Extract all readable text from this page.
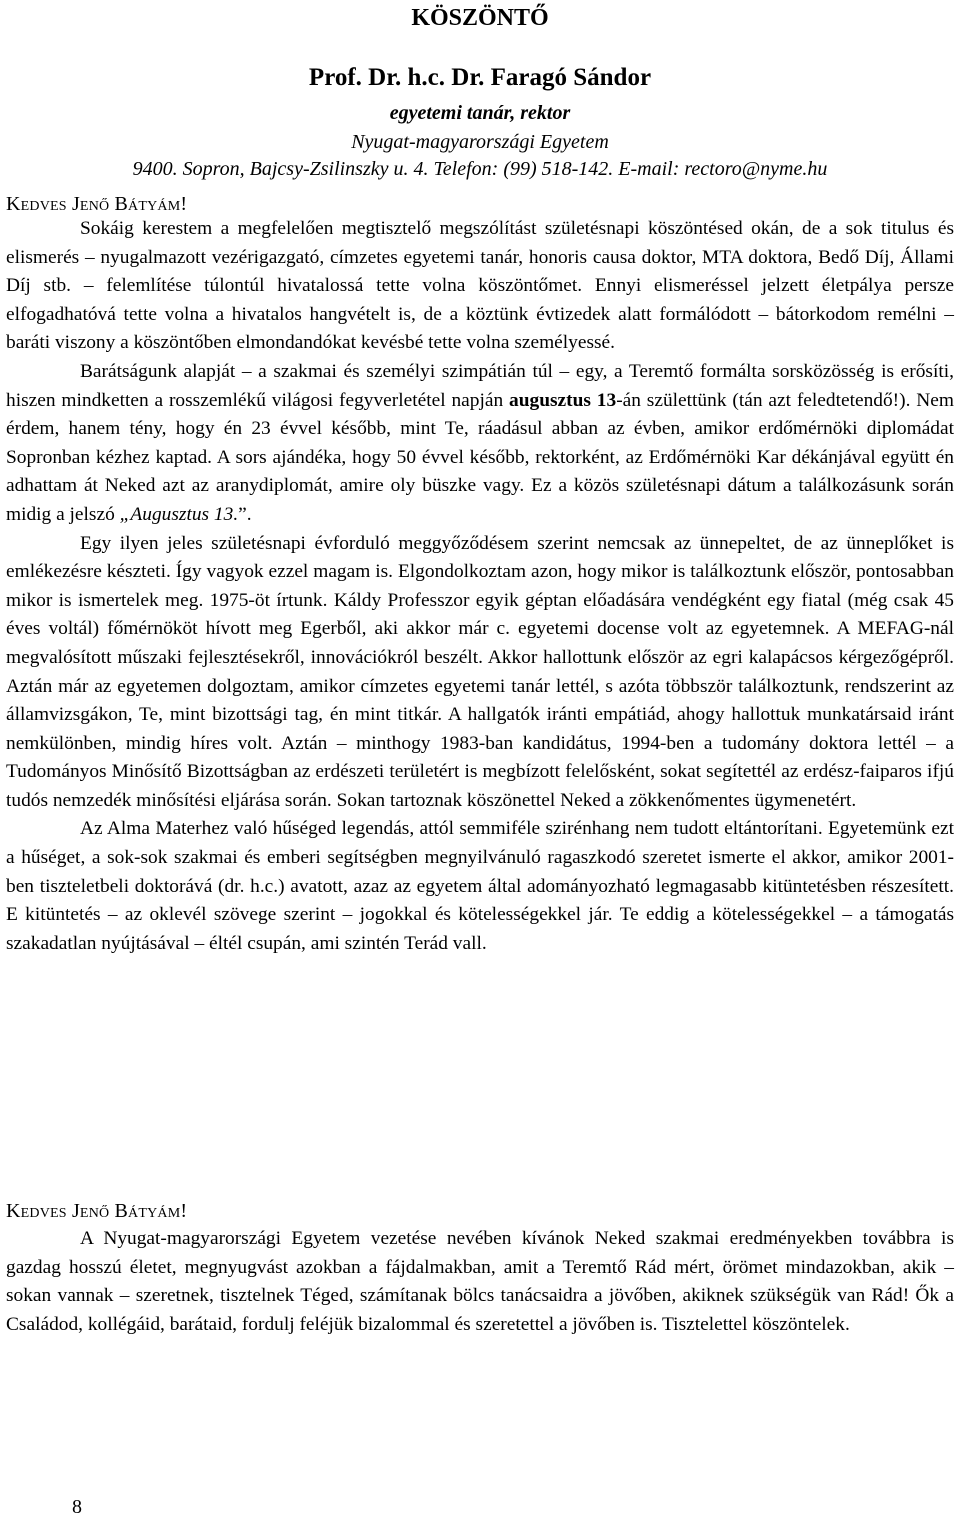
KÖSZÖNTŐ
Prof. Dr. h.c. Dr. Faragó Sándor
egyetemi tanár, rektor
Nyugat-magyarországi Egyetem
9400. Sopron, Bajcsy-Zsilinszky u. 4. Telefon: (99) 518-142. E-mail: rectoro@nyme.hu
Kedves Jenő Bátyám!

Sokáig kerestem a megfelelően megtisztelő megszólítást születésnapi köszöntésed okán, de a sok titulus és elismerés – nyugalmazott vezérigazgató, címzetes egyetemi tanár, honoris causa doktor, MTA doktora, Bedő Díj, Állami Díj stb. – felemlítése túlontúl hivatalossá tette volna köszöntőmet. Ennyi elismeréssel jelzett életpálya persze elfogadhatóvá tette volna a hivatalos hangvételt is, de a köztünk évtizedek alatt formálódott – bátorkodom remélni – baráti viszony a köszöntőben elmondandókat kevésbé tette volna személyessé.

Barátságunk alapját – a szakmai és személyi szimpátián túl – egy, a Teremtő formálta sorsközösség is erősíti, hiszen mindketten a rosszemlékű világosi fegyverletétel napján augusztus 13-án születtünk (tán azt feledtetendő!). Nem érdem, hanem tény, hogy én 23 évvel később, mint Te, ráadásul abban az évben, amikor erdőmérnöki diplomádat Sopronban kézhez kaptad. A sors ajándéka, hogy 50 évvel később, rektorként, az Erdőmérnöki Kar dékánjával együtt én adhattam át Neked azt az aranydiplomát, amire oly büszke vagy. Ez a közös születésnapi dátum a találkozásunk során midig a jelszó „Augusztus 13.”.

Egy ilyen jeles születésnapi évforduló meggyőződésem szerint nemcsak az ünnepeltet, de az ünneplőket is emlékezésre készteti. Így vagyok ezzel magam is. Elgondolkoztam azon, hogy mikor is találkoztunk először, pontosabban mikor is ismertelek meg. 1975-öt írtunk. Káldy Professzor egyik géptan előadására vendégként egy fiatal (még csak 45 éves voltál) főmérnököt hívott meg Egerből, aki akkor már c. egyetemi docense volt az egyetemnek. A MEFAG-nál megvalósított műszaki fejlesztésekről, innovációkról beszélt. Akkor hallottunk először az egri kalapácsos kérgezőgépről. Aztán már az egyetemen dolgoztam, amikor címzetes egyetemi tanár lettél, s azóta többször találkoztunk, rendszerint az államvizsgákon, Te, mint bizottsági tag, én mint titkár. A hallgatók iránti empátiád, ahogy hallottuk munkatársaid iránt nemkülönben, mindig híres volt. Aztán – minthogy 1983-ban kandidátus, 1994-ben a tudomány doktora lettél – a Tudományos Minősítő Bizottságban az erdészeti területért is megbízott felelősként, sokat segítettél az erdész-faiparos ifjú tudós nemzedék minősítési eljárása során. Sokan tartoznak köszönettel Neked a zökkenőmentes ügymenetért.

Az Alma Materhez való hűséged legendás, attól semmiféle szirénhang nem tudott eltántorítani. Egyetemünk ezt a hűséget, a sok-sok szakmai és emberi segítségben megnyilvánuló ragaszkodó szeretet ismerte el akkor, amikor 2001-ben tiszteletbeli doktorává (dr. h.c.) avatott, azaz az egyetem által adományozható legmagasabb kitüntetésben részesített. E kitüntetés – az oklevél szövege szerint – jogokkal és kötelességekkel jár. Te eddig a kötelességekkel – a támogatás szakadatlan nyújtásával – éltél csupán, ami szintén Terád vall.

Kedves Jenő Bátyám!

A Nyugat-magyarországi Egyetem vezetése nevében kívánok Neked szakmai eredményekben továbbra is gazdag hosszú életet, megnyugvást azokban a fájdalmakban, amit a Teremtő Rád mért, örömet mindazokban, akik – sokan vannak – szeretnek, tisztelnek Téged, számítanak bölcs tanácsaidra a jövőben, akiknek szükségük van Rád! Ők a Családod, kollégáid, barátaid, fordulj feléjük bizalommal és szeretettel a jövőben is. Tisztelettel köszöntelek.

8
